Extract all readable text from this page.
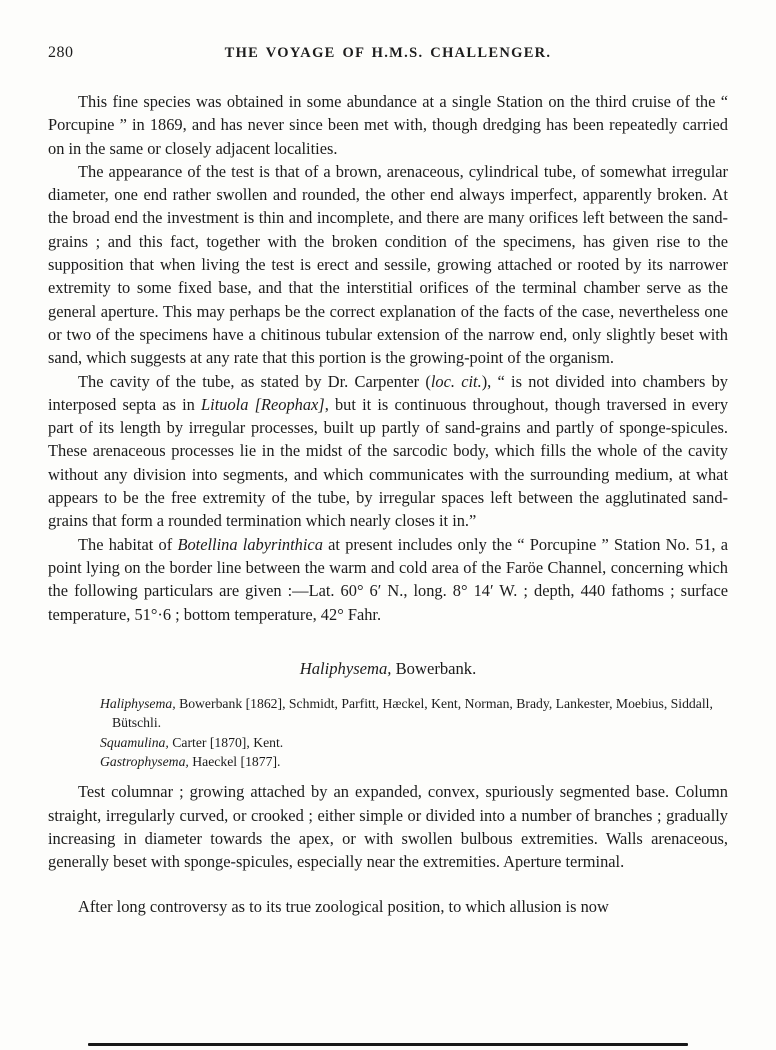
280	THE VOYAGE OF H.M.S. CHALLENGER.

This fine species was obtained in some abundance at a single Station on the third cruise of the “ Porcupine ” in 1869, and has never since been met with, though dredging has been repeatedly carried on in the same or closely adjacent localities.

The appearance of the test is that of a brown, arenaceous, cylindrical tube, of somewhat irregular diameter, one end rather swollen and rounded, the other end always imperfect, apparently broken. At the broad end the investment is thin and incomplete, and there are many orifices left between the sand-grains ; and this fact, together with the broken condition of the specimens, has given rise to the supposition that when living the test is erect and sessile, growing attached or rooted by its narrower extremity to some fixed base, and that the interstitial orifices of the terminal chamber serve as the general aperture. This may perhaps be the correct explanation of the facts of the case, nevertheless one or two of the specimens have a chitinous tubular extension of the narrow end, only slightly beset with sand, which suggests at any rate that this portion is the growing-point of the organism.

The cavity of the tube, as stated by Dr. Carpenter (loc. cit.), “ is not divided into chambers by interposed septa as in Lituola [Reophax], but it is continuous throughout, though traversed in every part of its length by irregular processes, built up partly of sand-grains and partly of sponge-spicules. These arenaceous processes lie in the midst of the sarcodic body, which fills the whole of the cavity without any division into segments, and which communicates with the surrounding medium, at what appears to be the free extremity of the tube, by irregular spaces left between the agglutinated sand-grains that form a rounded termination which nearly closes it in.”

The habitat of Botellina labyrinthica at present includes only the “ Porcupine ” Station No. 51, a point lying on the border line between the warm and cold area of the Faröe Channel, concerning which the following particulars are given :—Lat. 60° 6′ N., long. 8° 14′ W. ; depth, 440 fathoms ; surface temperature, 51°·6 ; bottom temperature, 42° Fahr.

Haliphysema, Bowerbank.

Haliphysema, Bowerbank [1862], Schmidt, Parfitt, Hæckel, Kent, Norman, Brady, Lankester, Moebius, Siddall, Bütschli.

Squamulina, Carter [1870], Kent.

Gastrophysema, Haeckel [1877].

Test columnar ; growing attached by an expanded, convex, spuriously segmented base. Column straight, irregularly curved, or crooked ; either simple or divided into a number of branches ; gradually increasing in diameter towards the apex, or with swollen bulbous extremities. Walls arenaceous, generally beset with sponge-spicules, especially near the extremities. Aperture terminal.

After long controversy as to its true zoological position, to which allusion is now
